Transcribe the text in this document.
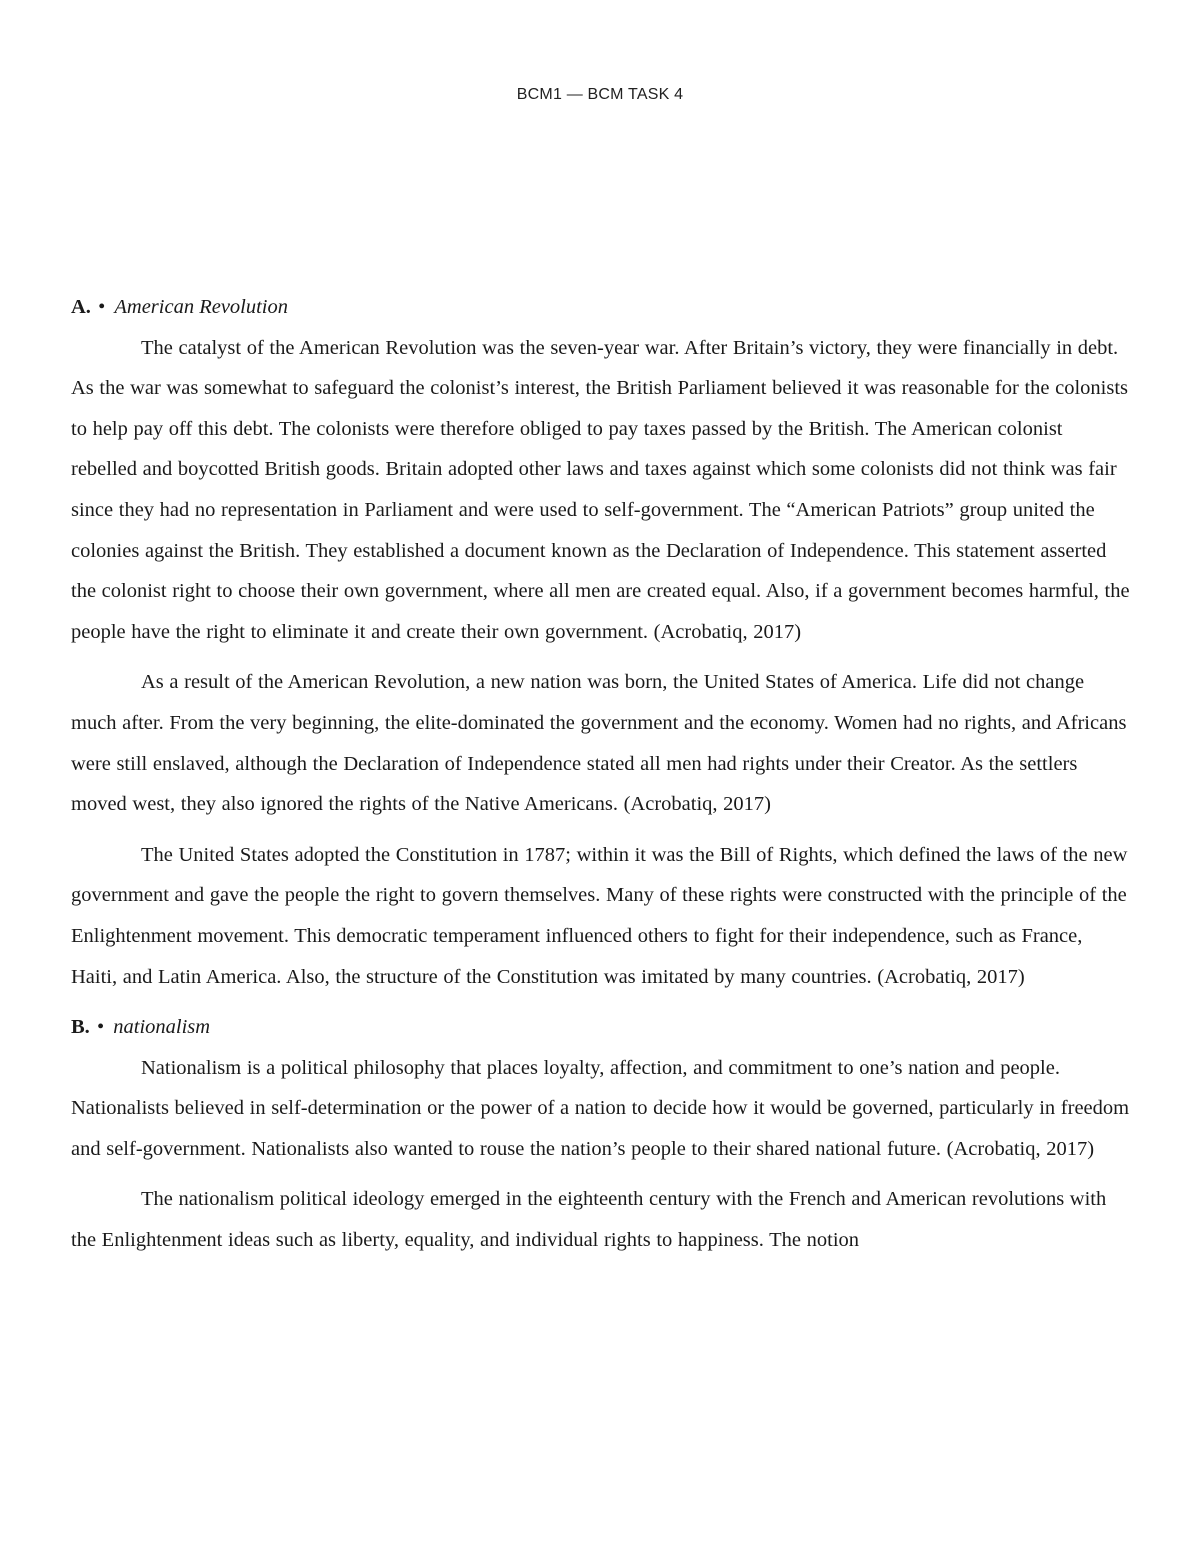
BCM1 — BCM TASK 4
A. • American Revolution

The catalyst of the American Revolution was the seven-year war. After Britain’s victory, they were financially in debt. As the war was somewhat to safeguard the colonist’s interest, the British Parliament believed it was reasonable for the colonists to help pay off this debt. The colonists were therefore obliged to pay taxes passed by the British. The American colonist rebelled and boycotted British goods. Britain adopted other laws and taxes against which some colonists did not think was fair since they had no representation in Parliament and were used to self-government. The “American Patriots” group united the colonies against the British. They established a document known as the Declaration of Independence. This statement asserted the colonist right to choose their own government, where all men are created equal. Also, if a government becomes harmful, the people have the right to eliminate it and create their own government. (Acrobatiq, 2017)

As a result of the American Revolution, a new nation was born, the United States of America. Life did not change much after. From the very beginning, the elite-dominated the government and the economy. Women had no rights, and Africans were still enslaved, although the Declaration of Independence stated all men had rights under their Creator. As the settlers moved west, they also ignored the rights of the Native Americans. (Acrobatiq, 2017)

The United States adopted the Constitution in 1787; within it was the Bill of Rights, which defined the laws of the new government and gave the people the right to govern themselves. Many of these rights were constructed with the principle of the Enlightenment movement. This democratic temperament influenced others to fight for their independence, such as France, Haiti, and Latin America. Also, the structure of the Constitution was imitated by many countries. (Acrobatiq, 2017)

B. • nationalism

Nationalism is a political philosophy that places loyalty, affection, and commitment to one’s nation and people. Nationalists believed in self-determination or the power of a nation to decide how it would be governed, particularly in freedom and self-government. Nationalists also wanted to rouse the nation’s people to their shared national future. (Acrobatiq, 2017)

The nationalism political ideology emerged in the eighteenth century with the French and American revolutions with the Enlightenment ideas such as liberty, equality, and individual rights to happiness. The notion
